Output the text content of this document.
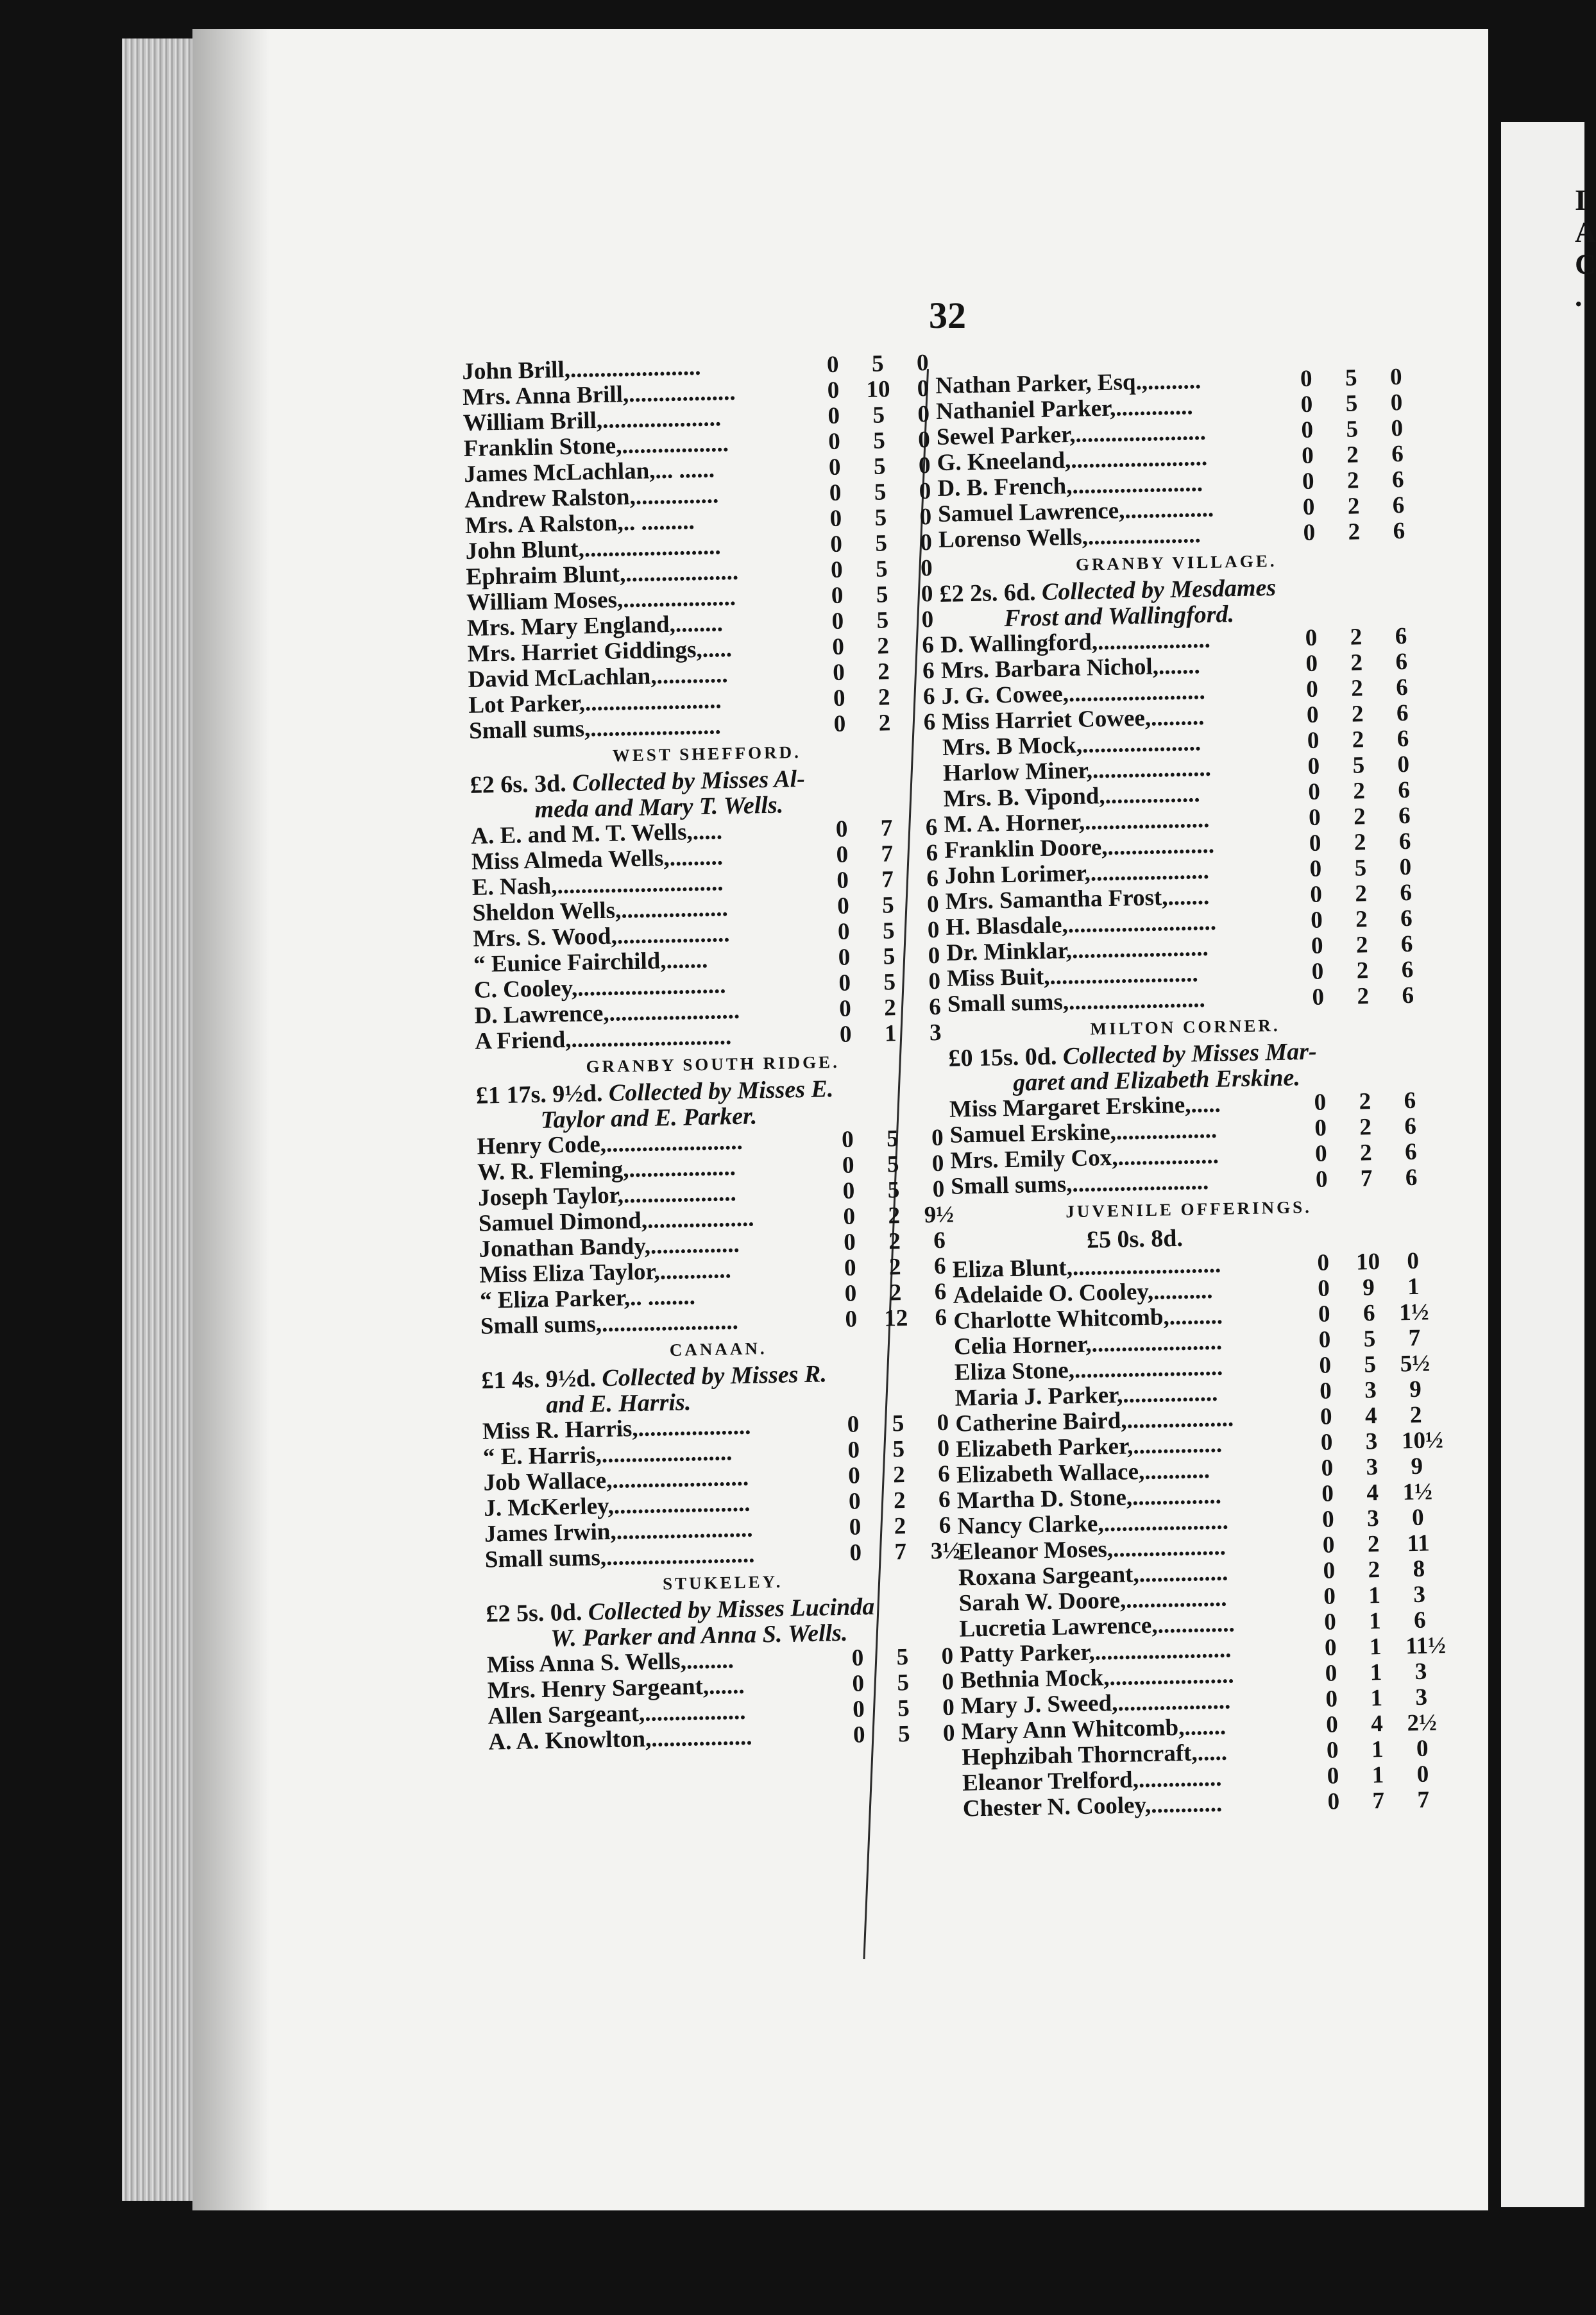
I
A
C
.
32
John Brill,......................	0	5	0
Mrs. Anna Brill,..................	0	10	0
William Brill,....................	0	5	0
Franklin Stone,..................	0	5	0
James McLachlan,... ......	0	5	0
Andrew Ralston,..............	0	5	0
Mrs. A Ralston,.. .........	0	5	0
John Blunt,.......................	0	5	0
Ephraim Blunt,...................	0	5	0
William Moses,...................	0	5	0
Mrs. Mary England,........	0	5	0
Mrs. Harriet Giddings,.....	0	2	6
David McLachlan,............	0	2	6
Lot Parker,.......................	0	2	6
Small sums,......................	0	2	6
WEST SHEFFORD.
£2 6s. 3d. Collected by Misses Al-
meda and Mary T. Wells.
A. E. and M. T. Wells,.....	0	7	6
Miss Almeda Wells,.........	0	7	6
E. Nash,............................	0	7	6
Sheldon Wells,..................	0	5	0
Mrs. S. Wood,...................	0	5	0
“ Eunice Fairchild,.......	0	5	0
C. Cooley,.........................	0	5	0
D. Lawrence,......................	0	2	6
A Friend,...........................	0	1	3
GRANBY SOUTH RIDGE.
£1 17s. 9½d. Collected by Misses E.
Taylor and E. Parker.
Henry Code,.......................	0	5	0
W. R. Fleming,..................	0	5	0
Joseph Taylor,...................	0	5	0
Samuel Dimond,..................	0	2 9½
Jonathan Bandy,...............	0	2	6
Miss Eliza Taylor,............	0	2	6
“ Eliza Parker,.. ........	0	2	6
Small sums,.......................	0	12	6
CANAAN.
£1 4s. 9½d. Collected by Misses R.
and E. Harris.
Miss R. Harris,...................	0	5	0
“ E. Harris,......................	0	5	0
Job Wallace,.......................	0	2	6
J. McKerley,.......................	0	2	6
James Irwin,.......................	0	2	6
Small sums,.........................	0	7 3½
STUKELEY.
£2 5s. 0d. Collected by Misses Lucinda
W. Parker and Anna S. Wells.
Miss Anna S. Wells,........	0	5	0
Mrs. Henry Sargeant,......	0	5	0
Allen Sargeant,.................	0	5	0
A. A. Knowlton,.................	0	5	0
Nathan Parker, Esq.,.........	0	5	0
Nathaniel Parker,.............	0	5	0
Sewel Parker,......................	0	5	0
G. Kneeland,.......................	0	2	6
D. B. French,......................	0	2	6
Samuel Lawrence,...............	0	2	6
Lorenso Wells,...................	0	2	6
GRANBY VILLAGE.
£2 2s. 6d. Collected by Mesdames
Frost and Wallingford.
D. Wallingford,...................	0	2	6
Mrs. Barbara Nichol,.......	0	2	6
J. G. Cowee,.......................	0	2	6
Miss Harriet Cowee,.........	0	2	6
Mrs. B Mock,....................	0	2	6
Harlow Miner,....................	0	5	0
Mrs. B. Vipond,................	0	2	6
M. A. Horner,.....................	0	2	6
Franklin Doore,..................	0	2	6
John Lorimer,....................	0	5	0
Mrs. Samantha Frost,.......	0	2	6
H. Blasdale,.........................	0	2	6
Dr. Minklar,.......................	0	2	6
Miss Buit,.........................	0	2	6
Small sums,.......................	0	2	6
MILTON CORNER.
£0 15s. 0d. Collected by Misses Mar-
garet and Elizabeth Erskine.
Miss Margaret Erskine,.....	0	2	6
Samuel Erskine,.................	0	2	6
Mrs. Emily Cox,.................	0	2	6
Small sums,.......................	0	7	6
JUVENILE OFFERINGS.
£5 0s. 8d.
Eliza Blunt,.........................	0	10	0
Adelaide O. Cooley,..........	0	9	1
Charlotte Whitcomb,.........	0	6 1½
Celia Horner,......................	0	5	7
Eliza Stone,.........................	0	5 5½
Maria J. Parker,................	0	3	9
Catherine Baird,..................	0	4	2
Elizabeth Parker,...............	0	3 10½
Elizabeth Wallace,...........	0	3	9
Martha D. Stone,...............	0	4 1½
Nancy Clarke,.....................	0	3	0
Eleanor Moses,...................	0	2	11
Roxana Sargeant,...............	0	2	8
Sarah W. Doore,.................	0	1	3
Lucretia Lawrence,.............	0	1	6
Patty Parker,.......................	0	1 11½
Bethnia Mock,.....................	0	1	3
Mary J. Sweed,...................	0	1	3
Mary Ann Whitcomb,.......	0	4 2½
Hephzibah Thorncraft,.....	0	1	0
Eleanor Trelford,..............	0	1	0
Chester N. Cooley,............	0	7	7
